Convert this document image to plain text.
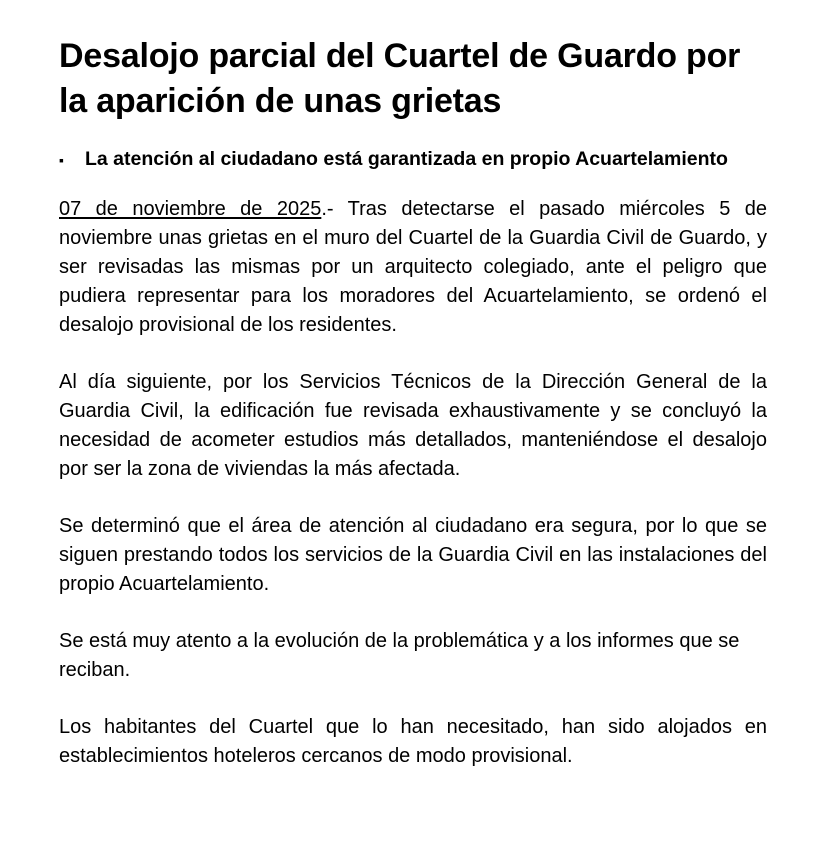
Desalojo parcial del Cuartel de Guardo por la aparición de unas grietas
▪	La atención al ciudadano está garantizada en propio Acuartelamiento

07 de noviembre de 2025.- Tras detectarse el pasado miércoles 5 de noviembre unas grietas en el muro del Cuartel de la Guardia Civil de Guardo, y ser revisadas las mismas por un arquitecto colegiado, ante el peligro que pudiera representar para los moradores del Acuartelamiento, se ordenó el desalojo provisional de los residentes.

Al día siguiente, por los Servicios Técnicos de la Dirección General de la Guardia Civil, la edificación fue revisada exhaustivamente y se concluyó la necesidad de acometer estudios más detallados, manteniéndose el desalojo por ser la zona de viviendas la más afectada.

Se determinó que el área de atención al ciudadano era segura, por lo que se siguen prestando todos los servicios de la Guardia Civil en las instalaciones del propio Acuartelamiento.

Se está muy atento a la evolución de la problemática y a los informes que se reciban.

Los habitantes del Cuartel que lo han necesitado, han sido alojados en establecimientos hoteleros cercanos de modo provisional.
